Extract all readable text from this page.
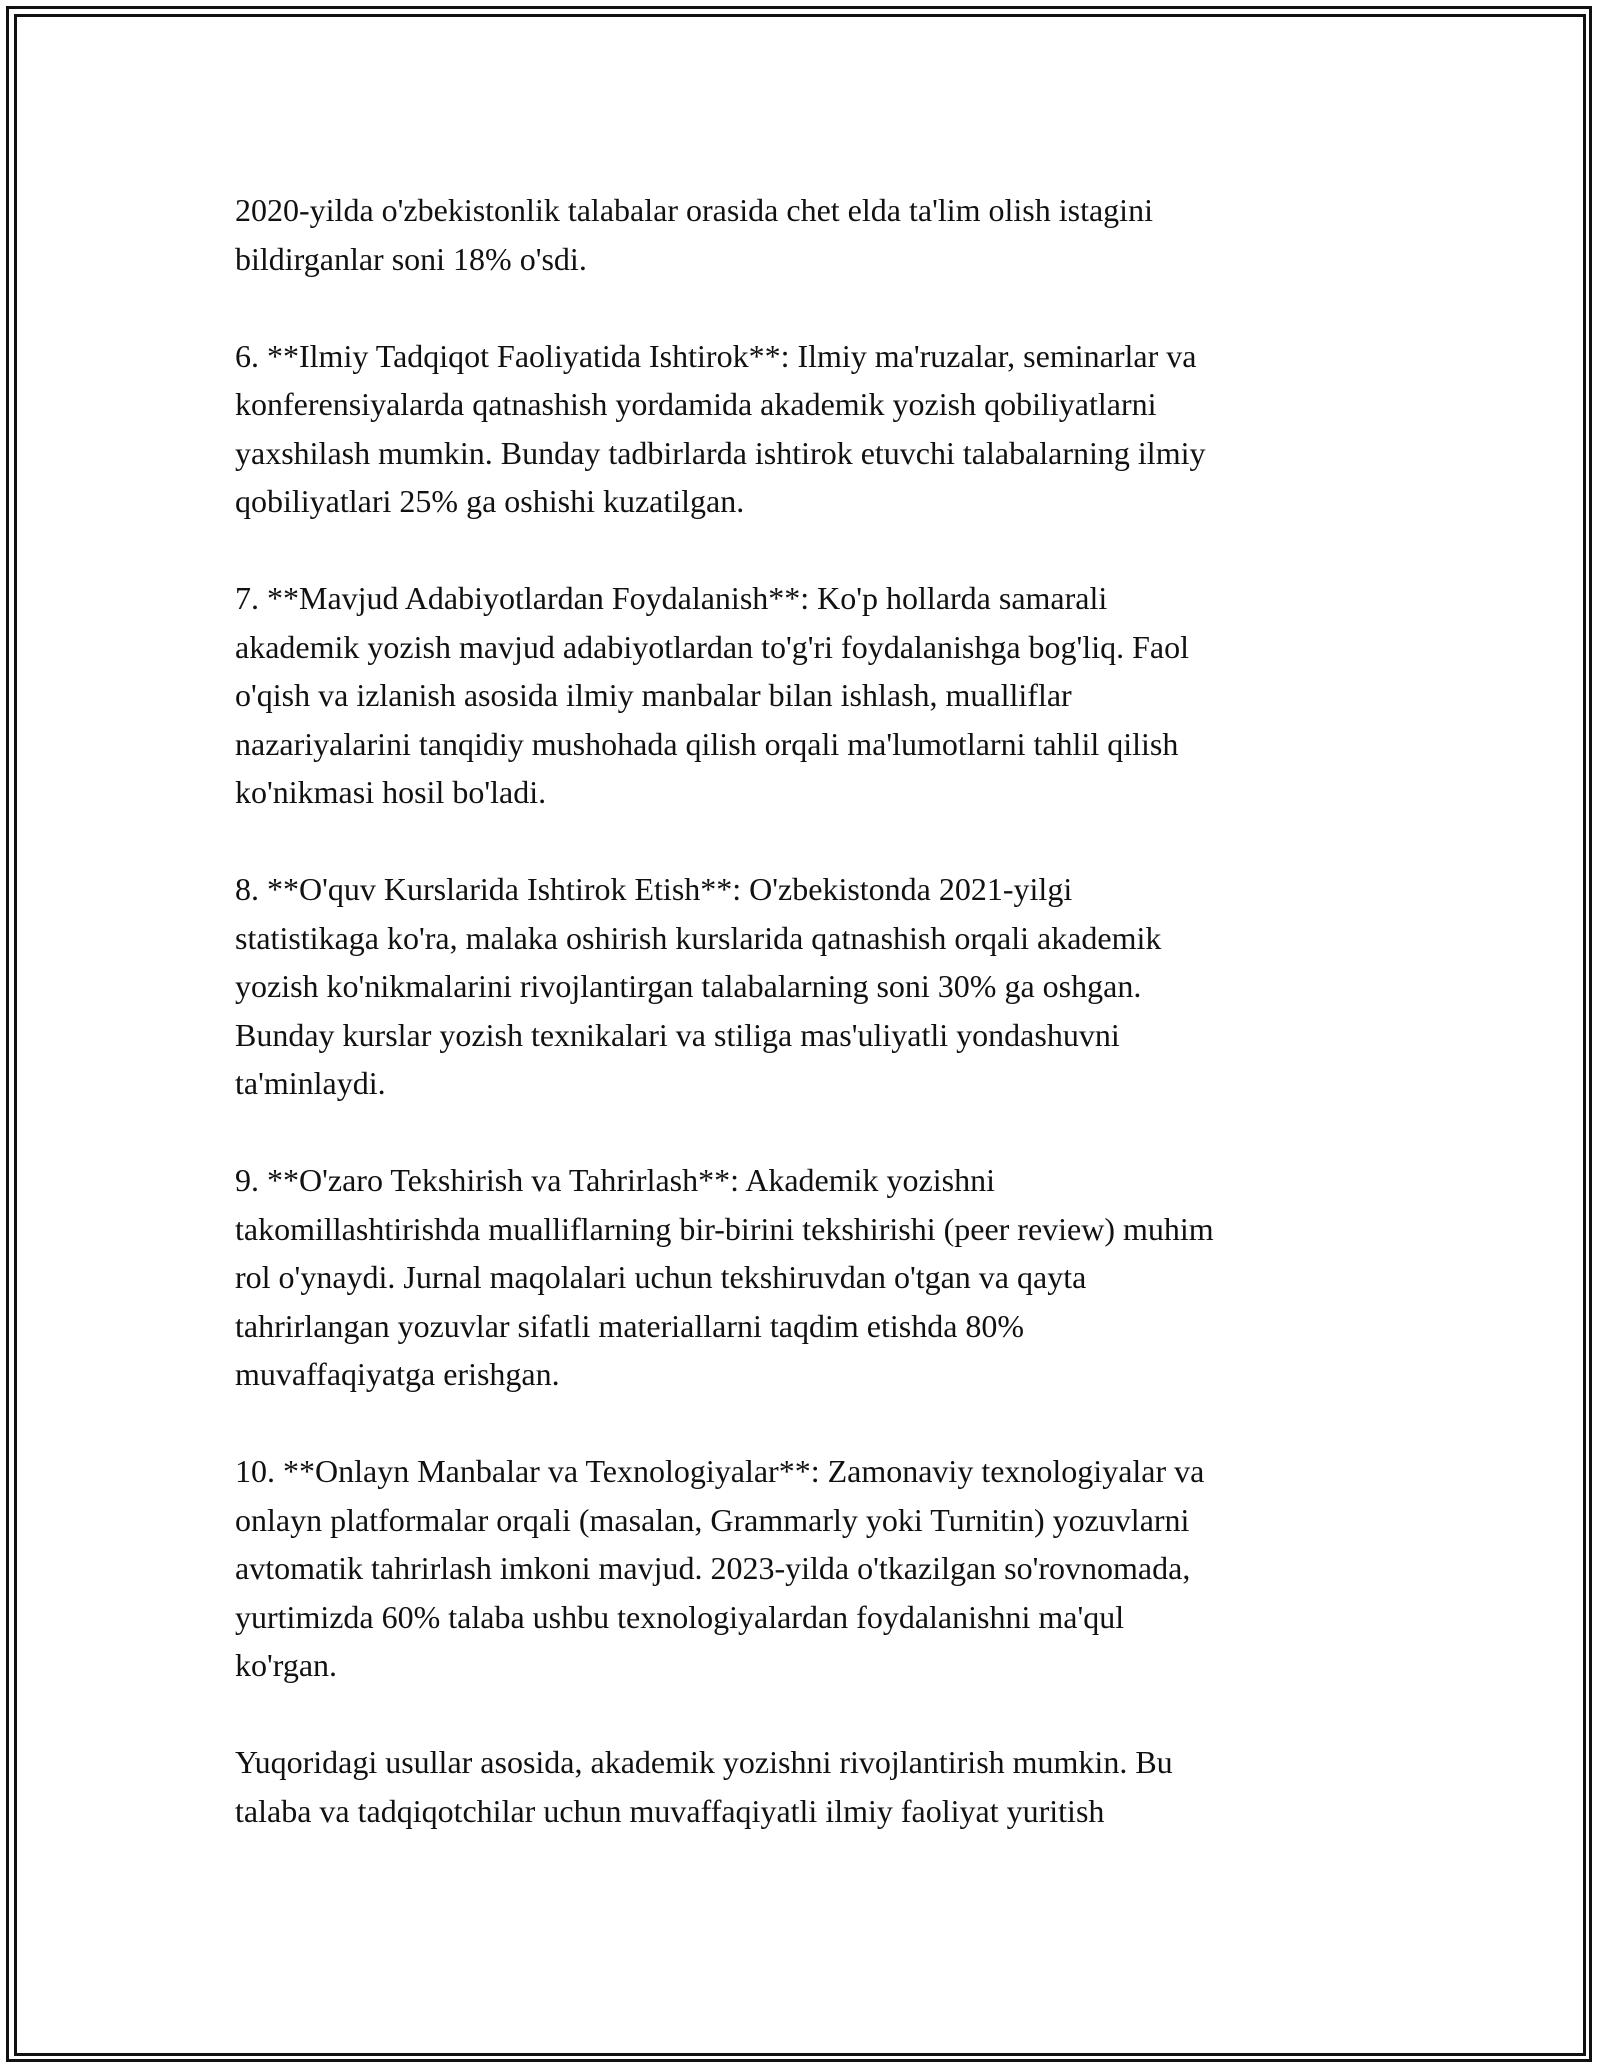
2020-yilda o'zbekistonlik talabalar orasida chet elda ta'lim olish istagini
bildirganlar soni 18% o'sdi.

6. **Ilmiy Tadqiqot Faoliyatida Ishtirok**: Ilmiy ma'ruzalar, seminarlar va
konferensiyalarda qatnashish yordamida akademik yozish qobiliyatlarni
yaxshilash mumkin. Bunday tadbirlarda ishtirok etuvchi talabalarning ilmiy
qobiliyatlari 25% ga oshishi kuzatilgan.

7. **Mavjud Adabiyotlardan Foydalanish**: Ko'p hollarda samarali
akademik yozish mavjud adabiyotlardan to'g'ri foydalanishga bog'liq. Faol
o'qish va izlanish asosida ilmiy manbalar bilan ishlash, mualliflar
nazariyalarini tanqidiy mushohada qilish orqali ma'lumotlarni tahlil qilish
ko'nikmasi hosil bo'ladi.

8. **O'quv Kurslarida Ishtirok Etish**: O'zbekistonda 2021-yilgi
statistikaga ko'ra, malaka oshirish kurslarida qatnashish orqali akademik
yozish ko'nikmalarini rivojlantirgan talabalarning soni 30% ga oshgan.
Bunday kurslar yozish texnikalari va stiliga mas'uliyatli yondashuvni
ta'minlaydi.

9. **O'zaro Tekshirish va Tahrirlash**: Akademik yozishni
takomillashtirishda mualliflarning bir-birini tekshirishi (peer review) muhim
rol o'ynaydi. Jurnal maqolalari uchun tekshiruvdan o'tgan va qayta
tahrirlangan yozuvlar sifatli materiallarni taqdim etishda 80%
muvaffaqiyatga erishgan.

10. **Onlayn Manbalar va Texnologiyalar**: Zamonaviy texnologiyalar va
onlayn platformalar orqali (masalan, Grammarly yoki Turnitin) yozuvlarni
avtomatik tahrirlash imkoni mavjud. 2023-yilda o'tkazilgan so'rovnomada,
yurtimizda 60% talaba ushbu texnologiyalardan foydalanishni ma'qul
ko'rgan.

Yuqoridagi usullar asosida, akademik yozishni rivojlantirish mumkin. Bu
talaba va tadqiqotchilar uchun muvaffaqiyatli ilmiy faoliyat yuritish
